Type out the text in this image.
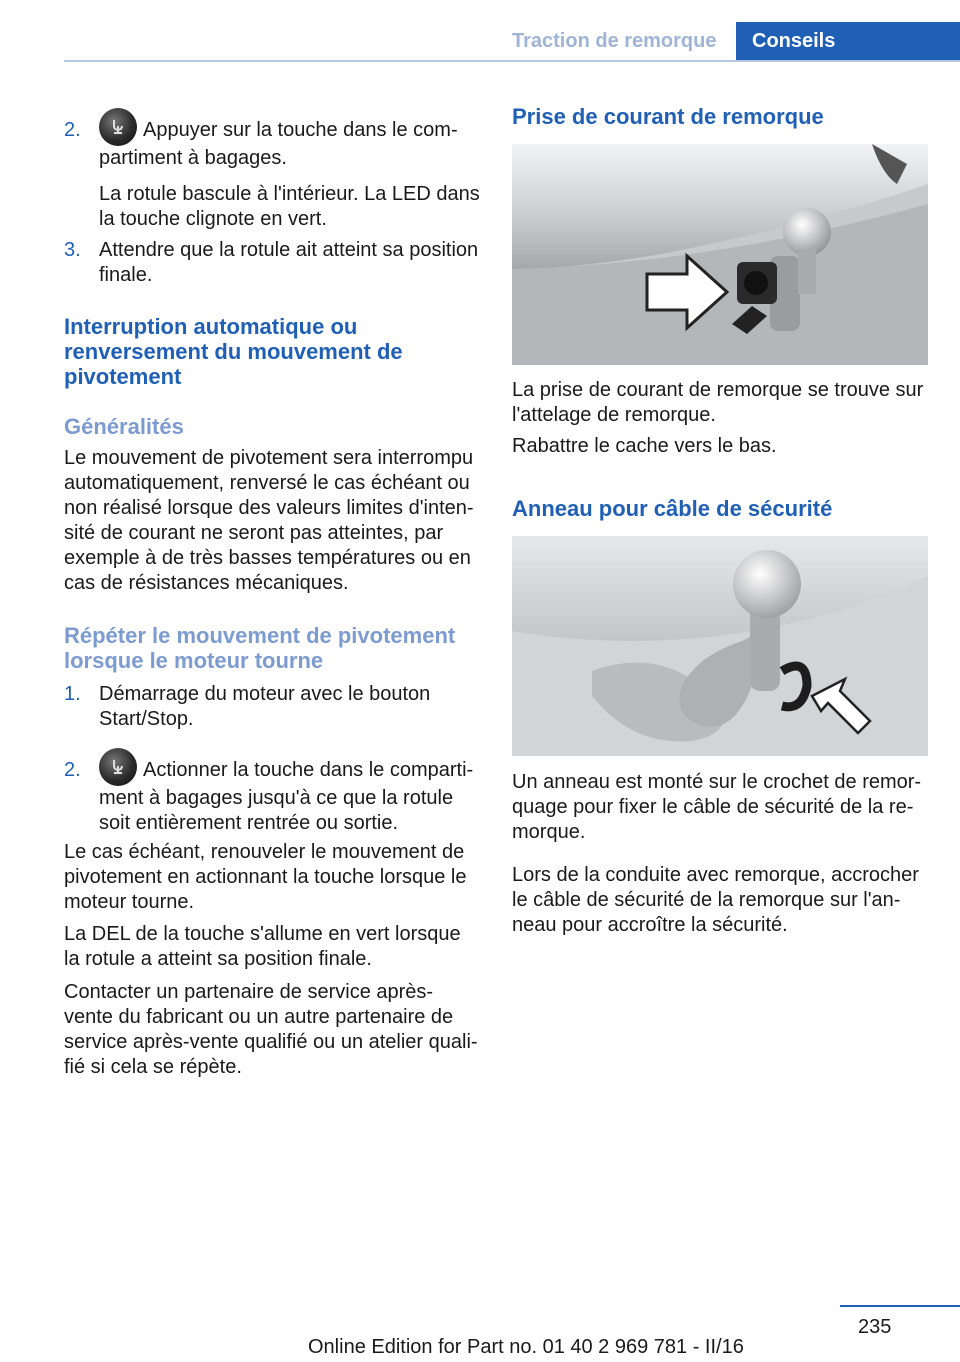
Traction de remorque	Conseils
2.	Appuyer sur la touche dans le com‐partiment à bagages.
La rotule bascule à l'intérieur. La LED dans la touche clignote en vert.
3. Attendre que la rotule ait atteint sa position finale.
Interruption automatique ou renversement du mouvement de pivotement
Généralités
Le mouvement de pivotement sera interrompu automatiquement, renversé le cas échéant ou non réalisé lorsque des valeurs limites d'inten‐sité de courant ne seront pas atteintes, par exemple à de très basses températures ou en cas de résistances mécaniques.
Répéter le mouvement de pivotement lorsque le moteur tourne
1. Démarrage du moteur avec le bouton Start/Stop.
2.	Actionner la touche dans le comparti‐ment à bagages jusqu'à ce que la rotule soit entièrement rentrée ou sortie.
Le cas échéant, renouveler le mouvement de pivotement en actionnant la touche lorsque le moteur tourne.
La DEL de la touche s'allume en vert lorsque la rotule a atteint sa position finale.
Contacter un partenaire de service après-vente du fabricant ou un autre partenaire de service après-vente qualifié ou un atelier quali‐fié si cela se répète.
Prise de courant de remorque
La prise de courant de remorque se trouve sur l'attelage de remorque.
Rabattre le cache vers le bas.
Anneau pour câble de sécurité
Un anneau est monté sur le crochet de remor‐quage pour fixer le câble de sécurité de la re‐morque.
Lors de la conduite avec remorque, accrocher le câble de sécurité de la remorque sur l'an‐neau pour accroître la sécurité.
235
Online Edition for Part no. 01 40 2 969 781 - II/16
